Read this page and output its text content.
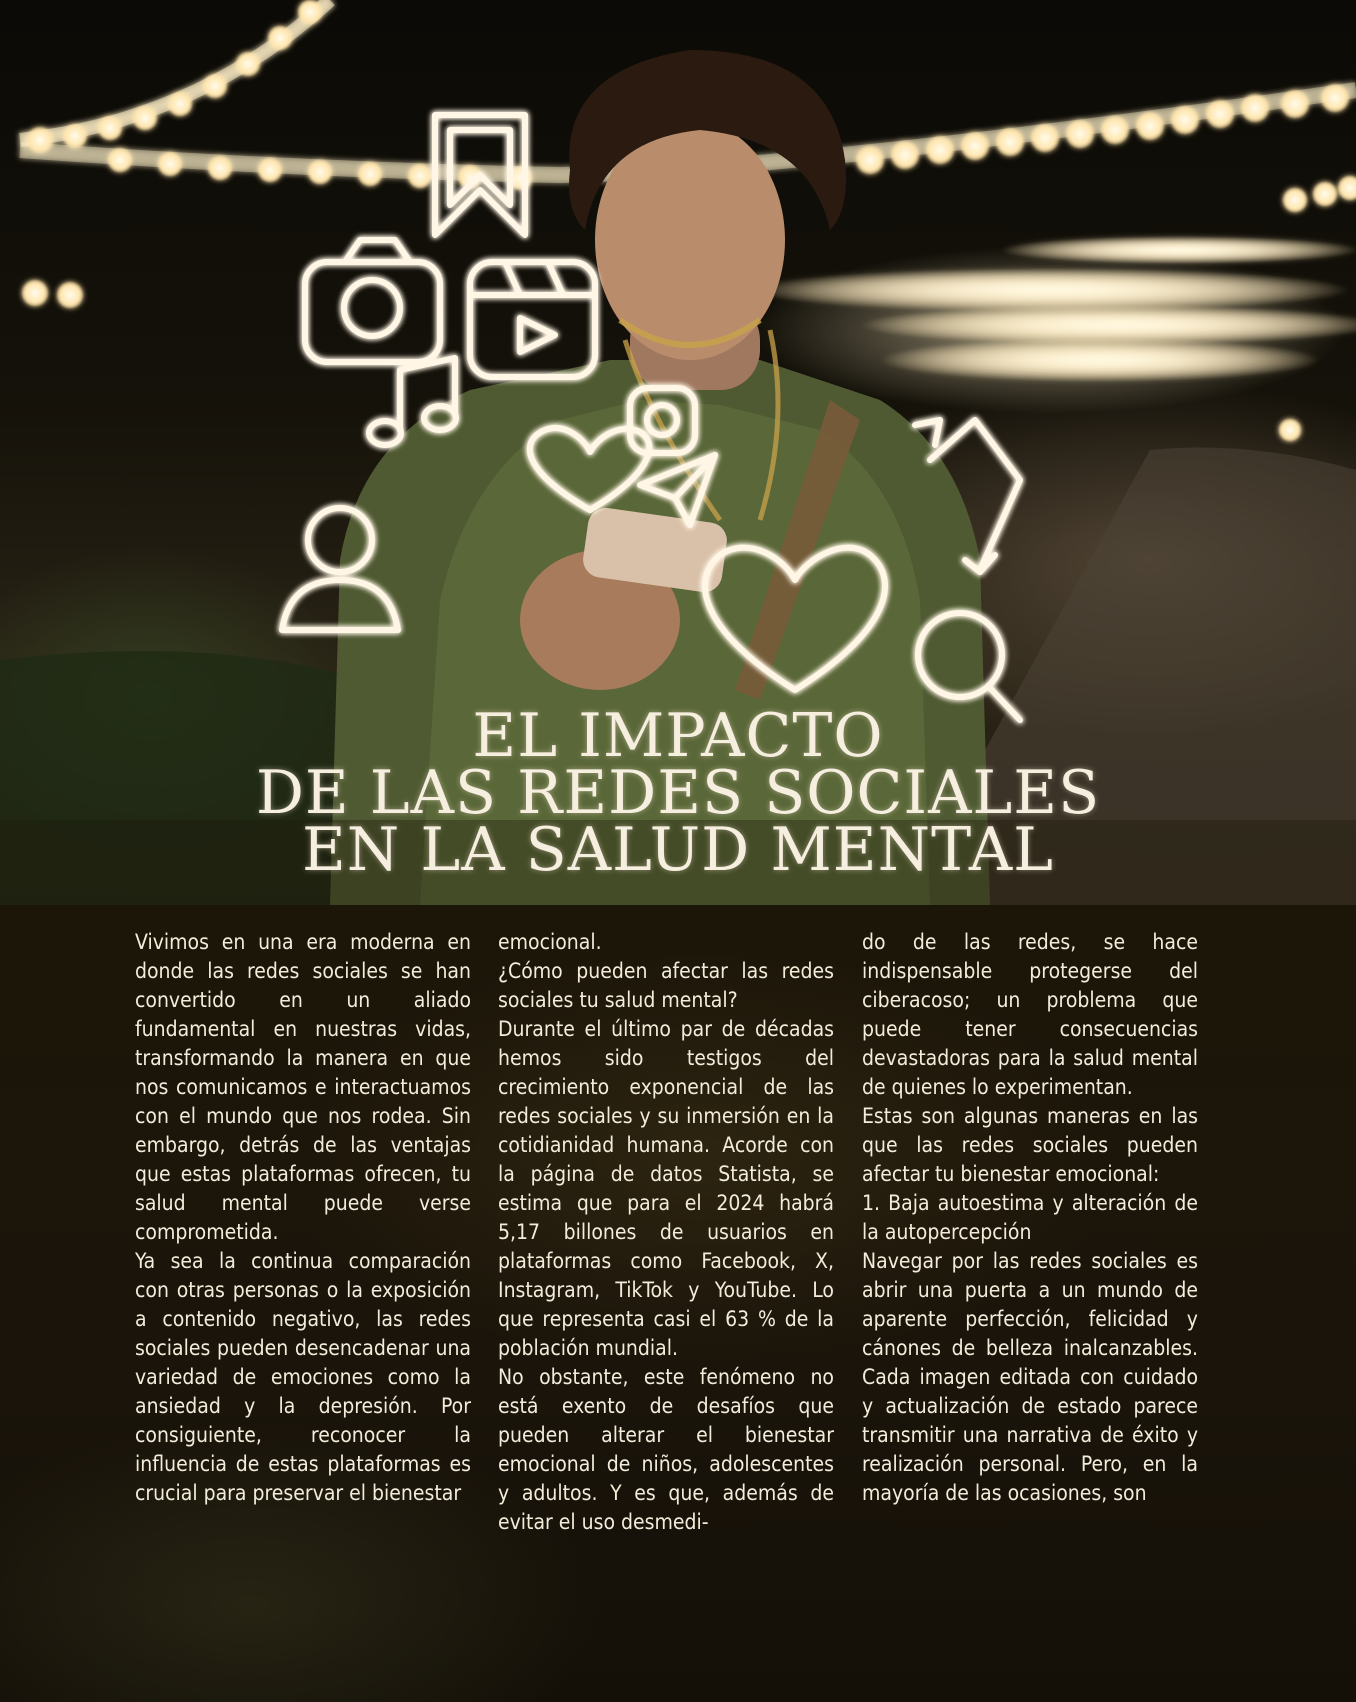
EL IMPACTO
DE LAS REDES SOCIALES
EN LA SALUD MENTAL

Vivimos en una era moderna en donde las redes sociales se han convertido en un aliado fundamental en nuestras vidas, transformando la manera en que nos comunicamos e interactuamos con el mundo que nos rodea. Sin embargo, detrás de las ventajas que estas plataformas ofrecen, tu salud mental puede verse comprometida.

Ya sea la continua comparación con otras personas o la exposición a contenido negativo, las redes sociales pueden desencadenar una variedad de emociones como la ansiedad y la depresión. Por consiguiente, reconocer la influencia de estas plataformas es crucial para preservar el bienestar

emocional.

¿Cómo pueden afectar las redes sociales tu salud mental?

Durante el último par de décadas hemos sido testigos del crecimiento exponencial de las redes sociales y su inmersión en la cotidianidad humana. Acorde con la página de datos Statista, se estima que para el 2024 habrá 5,17 billones de usuarios en plataformas como Facebook, X, Instagram, TikTok y YouTube. Lo que representa casi el 63 % de la población mundial.

No obstante, este fenómeno no está exento de desafíos que pueden alterar el bienestar emocional de niños, adolescentes y adultos. Y es que, además de evitar el uso desmedi-

do de las redes, se hace indispensable protegerse del ciberacoso; un problema que puede tener consecuencias devastadoras para la salud mental de quienes lo experimentan.

Estas son algunas maneras en las que las redes sociales pueden afectar tu bienestar emocional:

1. Baja autoestima y alteración de la autopercepción

Navegar por las redes sociales es abrir una puerta a un mundo de aparente perfección, felicidad y cánones de belleza inalcanzables. Cada imagen editada con cuidado y actualización de estado parece transmitir una narrativa de éxito y realización personal. Pero, en la mayoría de las ocasiones, son
